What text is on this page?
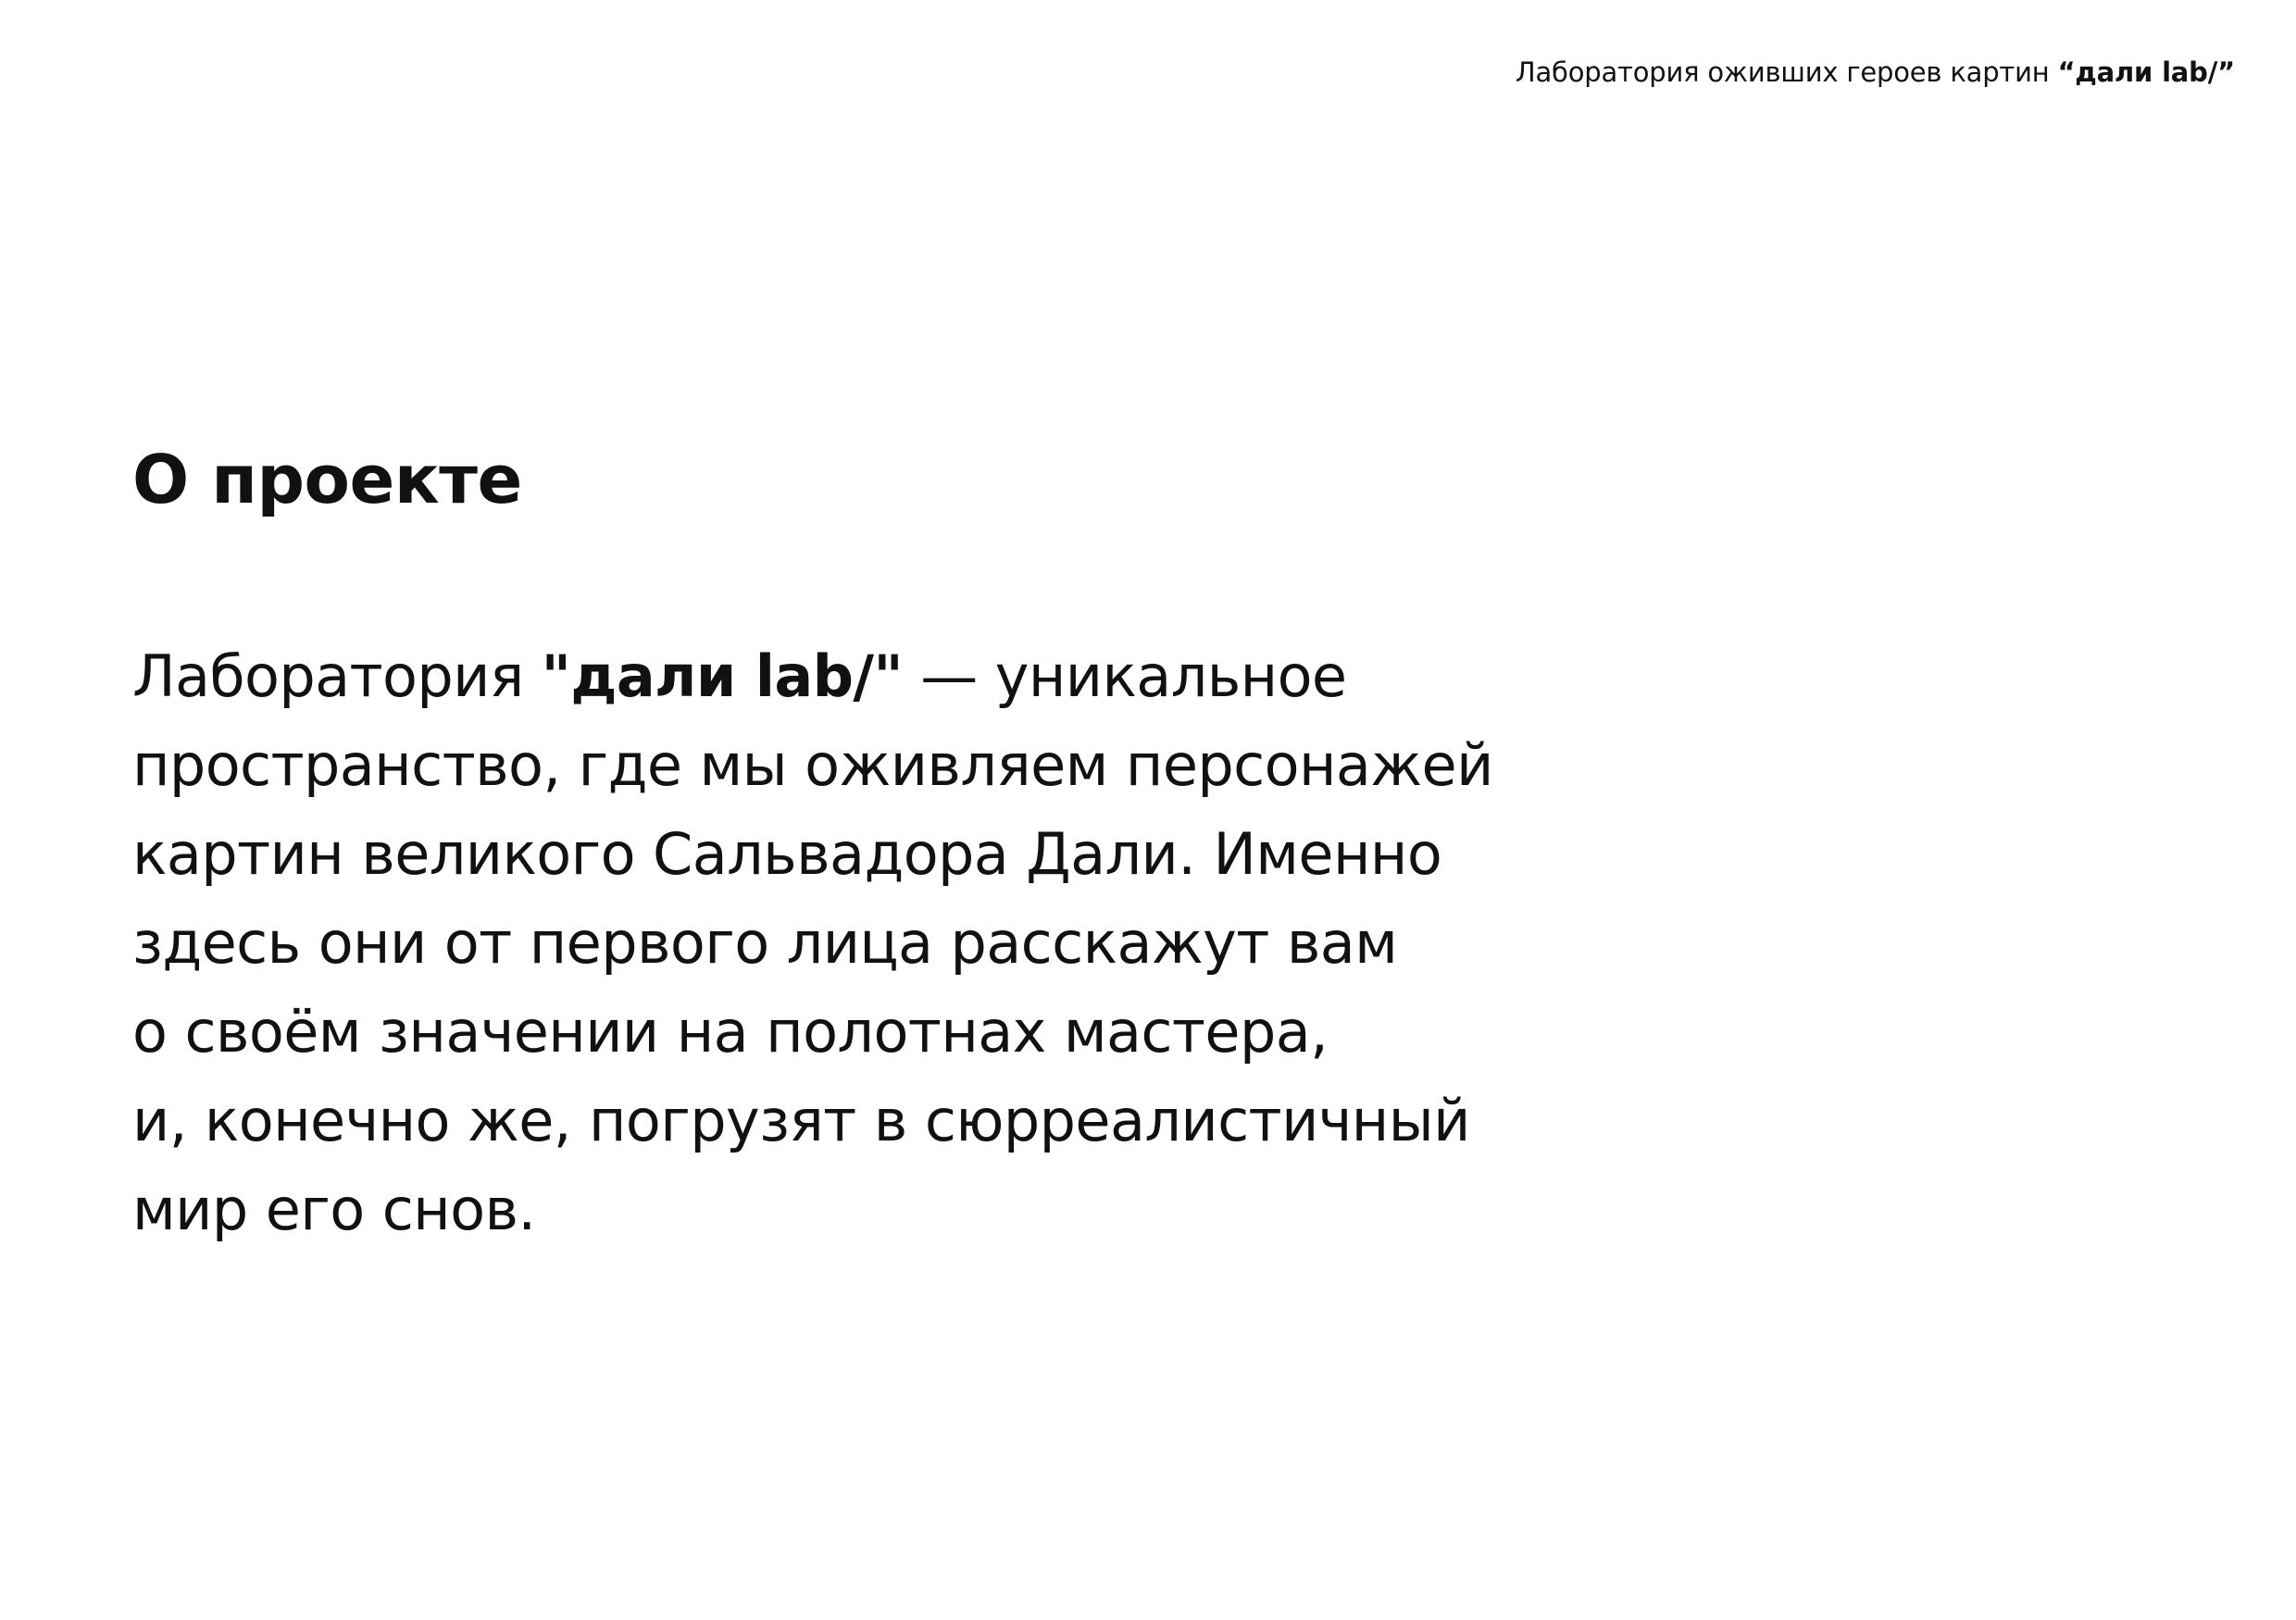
Лаборатория оживших героев картин “дали lab/”
О проекте
Лаборатория "дали lab/" — уникальное
пространство, где мы оживляем персонажей
картин великого Сальвадора Дали. Именно
здесь они от первого лица расскажут вам
о своём значении на полотнах мастера,
и, конечно же, погрузят в сюрреалистичный
мир его снов.
